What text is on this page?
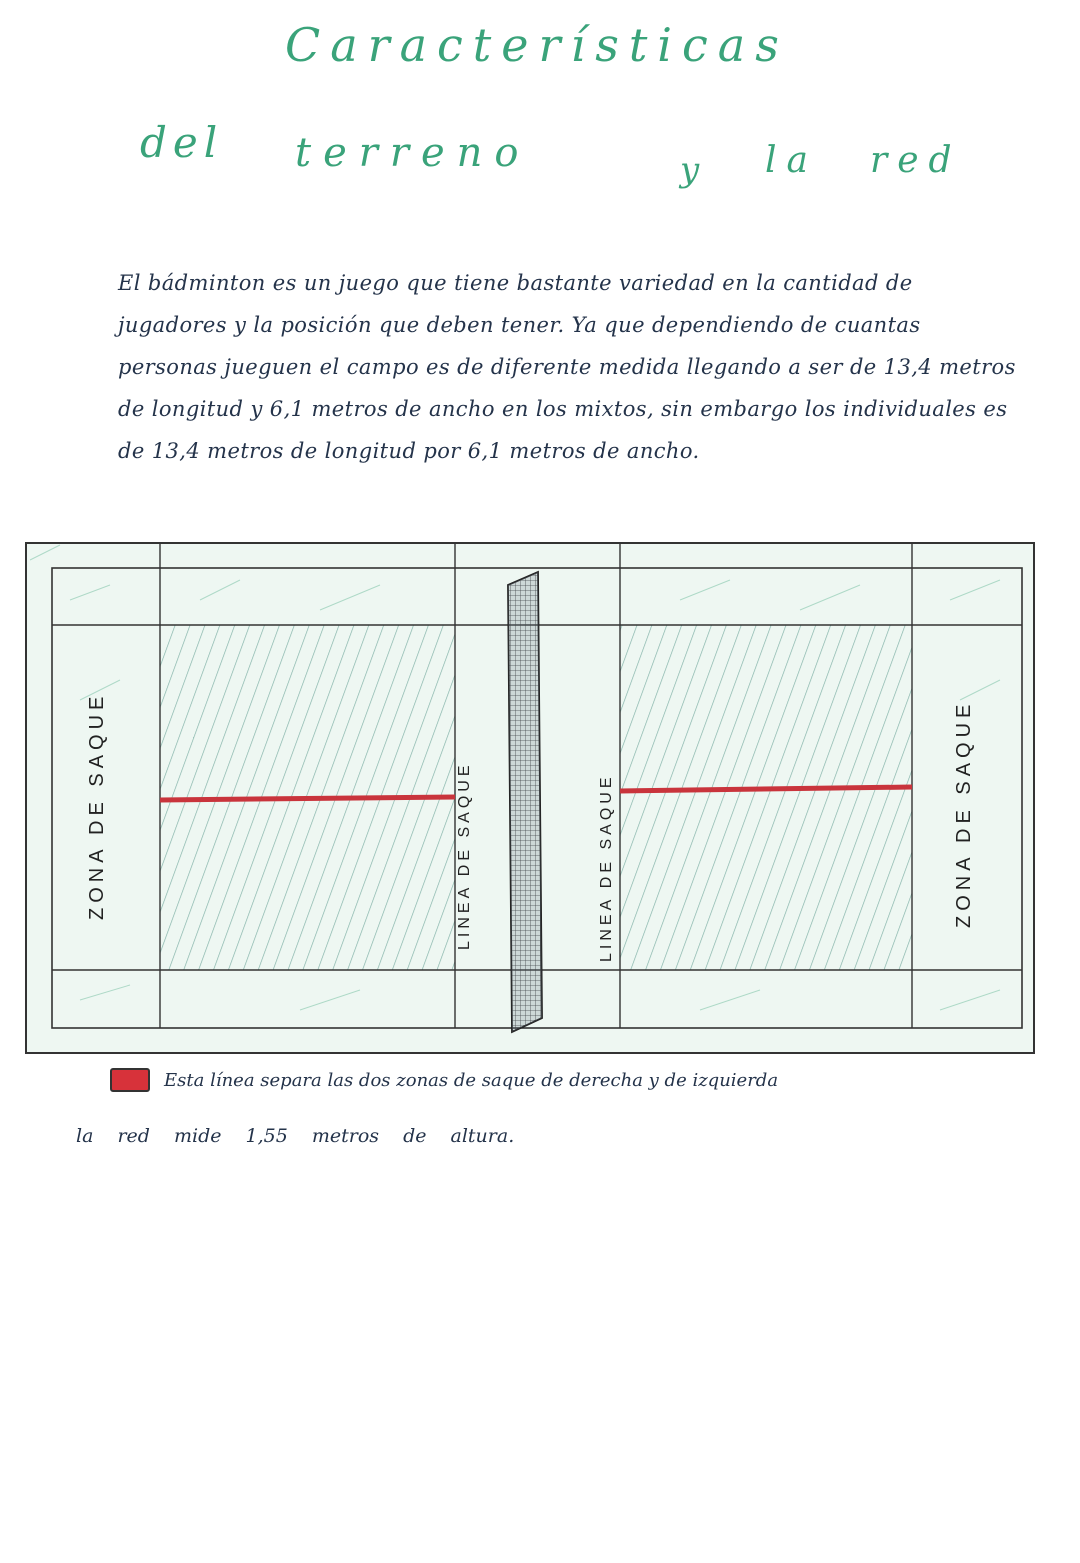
Características
del terreno	y la red
El bádminton es un juego que tiene bastante variedad en la cantidad de jugadores y la posición que deben tener. Ya que dependiendo de cuantas personas jueguen el campo es de diferente medida llegando a ser de 13,4 metros de longitud y 6,1 metros de ancho en los mixtos, sin embargo los individuales es de 13,4 metros de longitud por 6,1 metros de ancho.
ZONA DE SAQUE	LINEA DE SAQUE	LINEA DE SAQUE	ZONA DE SAQUE
Esta línea separa las dos zonas de saque de derecha y de izquierda
la red mide 1,55 metros de altura.
